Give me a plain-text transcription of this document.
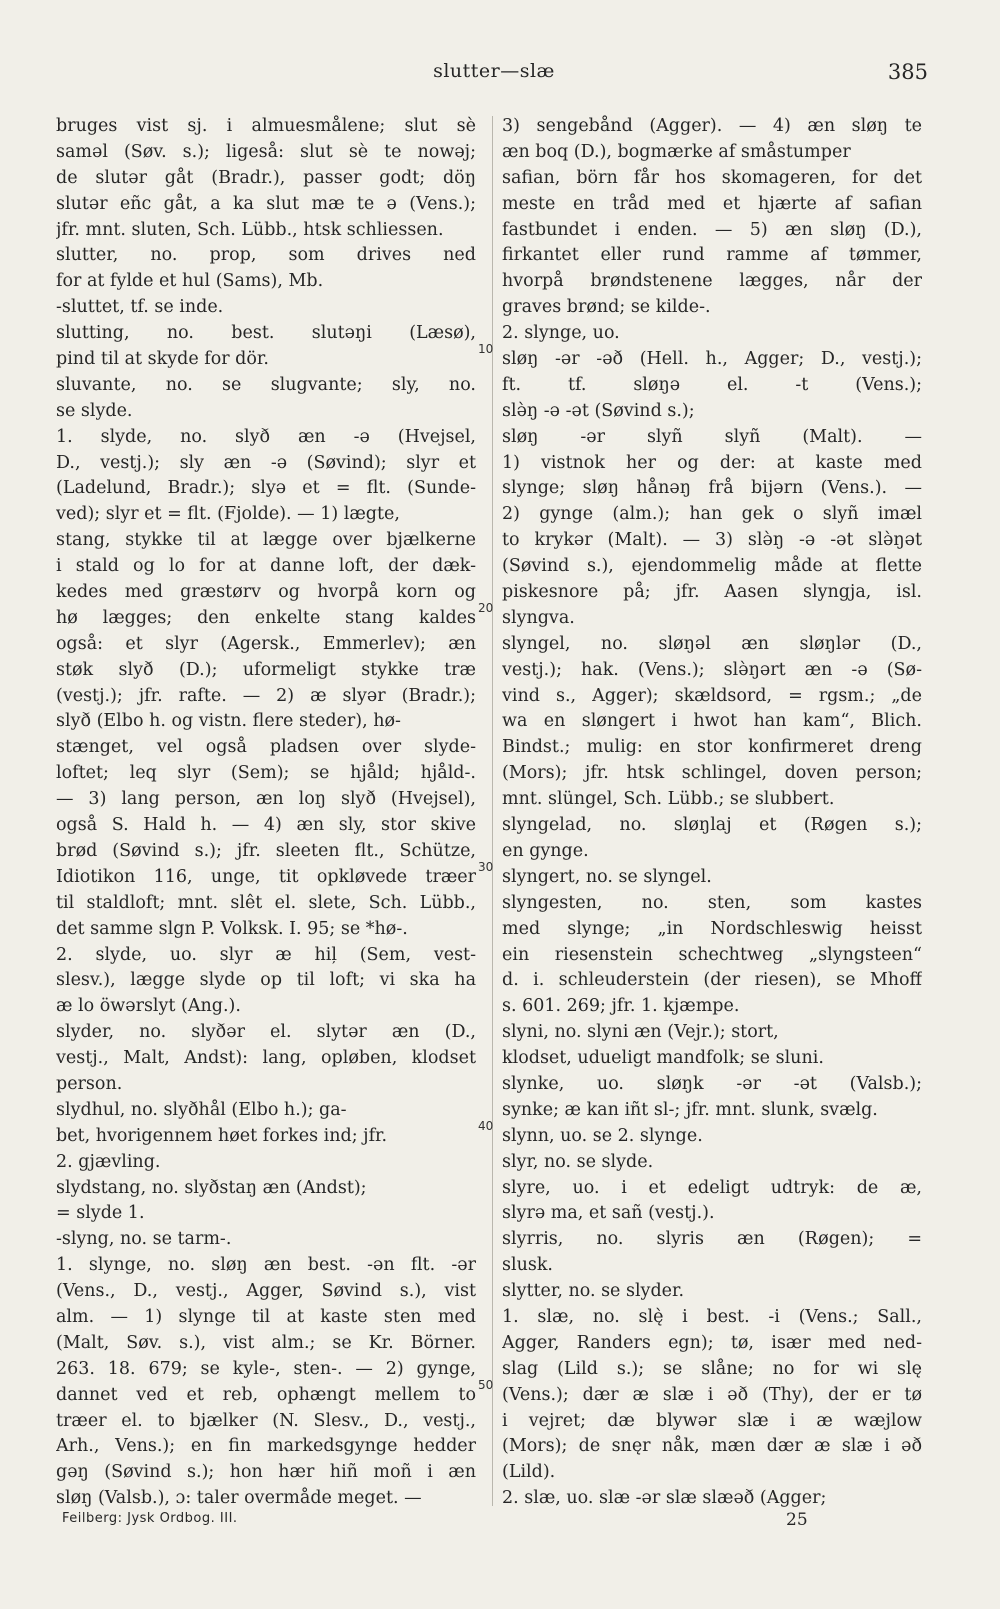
slutter—slæ	385
bruges vist sj. i almuesmålene; slut sè
saməl (Søv. s.); ligeså: slut sè te nowəj;
de slutər gåt (Bradr.), passer godt; döŋ
slutər eñc gåt, a ka slut mæ te ə (Vens.);
jfr. mnt. sluten, Sch. Lübb., htsk schliessen.
slutter, no. prop, som drives ned
for at fylde et hul (Sams), Mb.
-sluttet, tf. se inde.
slutting, no. best. slutəŋi (Læsø),
pind til at skyde for dör.
sluvante, no. se slugvante; sly, no.
se slyde.
1. slyde, no. slyð æn -ə (Hvejsel,
D., vestj.); sly æn -ə (Søvind); slyr et
(Ladelund, Bradr.); slyə et = flt. (Sunde-
ved); slyr et = flt. (Fjolde). — 1) lægte,
stang, stykke til at lægge over bjælkerne
i stald og lo for at danne loft, der dæk-
kedes med græstørv og hvorpå korn og
hø lægges; den enkelte stang kaldes
også: et slyr (Agersk., Emmerlev); æn
støk slyð (D.); uformeligt stykke træ
(vestj.); jfr. rafte. — 2) æ slyər (Bradr.);
slyð (Elbo h. og vistn. flere steder), hø-
stænget, vel også pladsen over slyde-
loftet; leq slyr (Sem); se hjåld; hjåld-.
— 3) lang person, æn loŋ slyð (Hvejsel),
også S. Hald h. — 4) æn sly, stor skive
brød (Søvind s.); jfr. sleeten flt., Schütze,
Idiotikon 116, unge, tit opkløvede træer
til staldloft; mnt. slêt el. slete, Sch. Lübb.,
det samme slgn P. Volksk. I. 95; se *hø-.
2. slyde, uo. slyr æ hiļ (Sem, vest-
slesv.), lægge slyde op til loft; vi ska ha
æ lo öwərslyt (Ang.).
slyder, no. slyðər el. slytər æn (D.,
vestj., Malt, Andst): lang, opløben, klodset
person.
slydhul, no. slyðhål (Elbo h.); ga-
bet, hvorigennem høet forkes ind; jfr.
2. gjævling.
slydstang, no. slyðstaŋ æn (Andst);
= slyde 1.
-slyng, no. se tarm-.
1. slynge, no. sløŋ æn best. -ən flt. -ər
(Vens., D., vestj., Agger, Søvind s.), vist
alm. — 1) slynge til at kaste sten med
(Malt, Søv. s.), vist alm.; se Kr. Börner.
263. 18. 679; se kyle-, sten-. — 2) gynge,
dannet ved et reb, ophængt mellem to
træer el. to bjælker (N. Slesv., D., vestj.,
Arh., Vens.); en fin markedsgynge hedder
gəŋ (Søvind s.); hon hær hiñ moñ i æn
sløŋ (Valsb.), ɔ: taler overmåde meget. —
3) sengebånd (Agger). — 4) æn sløŋ te
æn boq (D.), bogmærke af småstumper
safian, börn får hos skomageren, for det
meste en tråd med et hjærte af safian
fastbundet i enden. — 5) æn sløŋ (D.),
firkantet eller rund ramme af tømmer,
hvorpå brøndstenene lægges, når der
graves brønd; se kilde-.
2. slynge, uo.
sløŋ -ər -əð (Hell. h., Agger; D., vestj.);
ft. tf. sløŋə el. -t (Vens.);
slə̀ŋ -ə -ət (Søvind s.);
sløŋ -ər slyñ slyñ (Malt). —
1) vistnok her og der: at kaste med
slynge; sløŋ hånəŋ frå bijərn (Vens.). —
2) gynge (alm.); han gek o slyñ imæl
to krykər (Malt). — 3) slə̀ŋ -ə -ət slə̀ŋət
(Søvind s.), ejendommelig måde at flette
piskesnore på; jfr. Aasen slyngja, isl.
slyngva.
slyngel, no. sløŋəl æn sløŋlər (D.,
vestj.); hak. (Vens.); slə̀ŋərt æn -ə (Sø-
vind s., Agger); skældsord, = rgsm.; „de
wa en sløngert i hwot han kam“, Blich.
Bindst.; mulig: en stor konfirmeret dreng
(Mors); jfr. htsk schlingel, doven person;
mnt. slüngel, Sch. Lübb.; se slubbert.
slyngelad, no. sløŋlaj et (Røgen s.);
en gynge.
slyngert, no. se slyngel.
slyngesten, no. sten, som kastes
med slynge; „in Nordschleswig heisst
ein riesenstein schechtweg „slyngsteen“
d. i. schleuderstein (der riesen), se Mhoff
s. 601. 269; jfr. 1. kjæmpe.
slyni, no. slyni æn (Vejr.); stort,
klodset, udueligt mandfolk; se sluni.
slynke, uo. sløŋk -ər -ət (Valsb.);
synke; æ kan iñt sl-; jfr. mnt. slunk, svælg.
slynn, uo. se 2. slynge.
slyr, no. se slyde.
slyre, uo. i et edeligt udtryk: de æ,
slyrə ma, et sañ (vestj.).
slyrris, no. slyris æn (Røgen); =
slusk.
slytter, no. se slyder.
1. slæ, no. slę̀ i best. -i (Vens.; Sall.,
Agger, Randers egn); tø, især med ned-
slag (Lild s.); se slåne; no for wi slę
(Vens.); dær æ slæ i əð (Thy), der er tø
i vejret; dæ blywər slæ i æ wæjlow
(Mors); de snęr nåk, mæn dær æ slæ i əð
(Lild).
2. slæ, uo. slæ -ər slæ slæəð (Agger;
10
20
30
40
50
Feilberg: Jysk Ordbog. III.	25
